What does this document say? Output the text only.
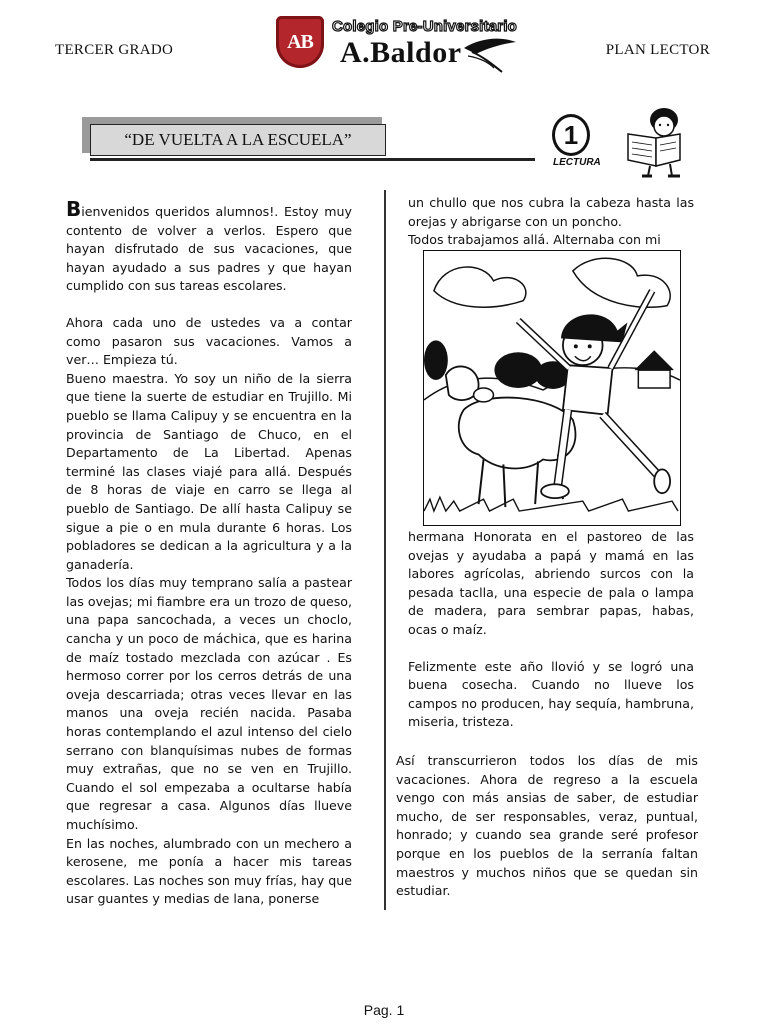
TERCER GRADO	PLAN LECTOR
AB
Colegio Pre-Universitario
A.Baldor
“DE VUELTA A LA ESCUELA”	1
LECTURA

Bienvenidos queridos alumnos!. Estoy muy contento de volver a verlos. Espero que hayan disfrutado de sus vacaciones, que hayan ayudado a sus padres y que hayan cumplido con sus tareas escolares.

Ahora cada uno de ustedes va a contar como pasaron sus vacaciones. Vamos a ver… Empieza tú.

Bueno maestra. Yo soy un niño de la sierra que tiene la suerte de estudiar en Trujillo. Mi pueblo se llama Calipuy y se encuentra en la provincia de Santiago de Chuco, en el Departamento de La Libertad. Apenas terminé las clases viajé para allá. Después de 8 horas de viaje en carro se llega al pueblo de Santiago. De allí hasta Calipuy se sigue a pie o en mula durante 6 horas. Los pobladores se dedican a la agricultura y a la ganadería.

Todos los días muy temprano salía a pastear las ovejas; mi fiambre era un trozo de queso, una papa sancochada, a veces un choclo, cancha y un poco de máchica, que es harina de maíz tostado mezclada con azúcar . Es hermoso correr por los cerros detrás de una oveja descarriada; otras veces llevar en las manos una oveja recién nacida. Pasaba horas contemplando el azul intenso del cielo serrano con blanquísimas nubes de formas muy extrañas, que no se ven en Trujillo. Cuando el sol empezaba a ocultarse había que regresar a casa. Algunos días llueve muchísimo.

En las noches, alumbrado con un mechero a kerosene, me ponía a hacer mis tareas escolares. Las noches son muy frías, hay que usar guantes y medias de lana, ponerse

un chullo que nos cubra la cabeza hasta las orejas y abrigarse con un poncho.

Todos trabajamos allá. Alternaba con mi

hermana Honorata en el pastoreo de las ovejas y ayudaba a papá y mamá en las labores agrícolas, abriendo surcos con la pesada taclla, una especie de pala o lampa de madera, para sembrar papas, habas, ocas o maíz.

Felizmente este año llovió y se logró una buena cosecha. Cuando no llueve los campos no producen, hay sequía, hambruna, miseria, tristeza.

Así transcurrieron todos los días de mis vacaciones. Ahora de regreso a la escuela vengo con más ansias de saber, de estudiar mucho, de ser responsables, veraz, puntual, honrado; y cuando sea grande seré profesor porque en los pueblos de la serranía faltan maestros y muchos niños que se quedan sin estudiar.

Pag. 1
